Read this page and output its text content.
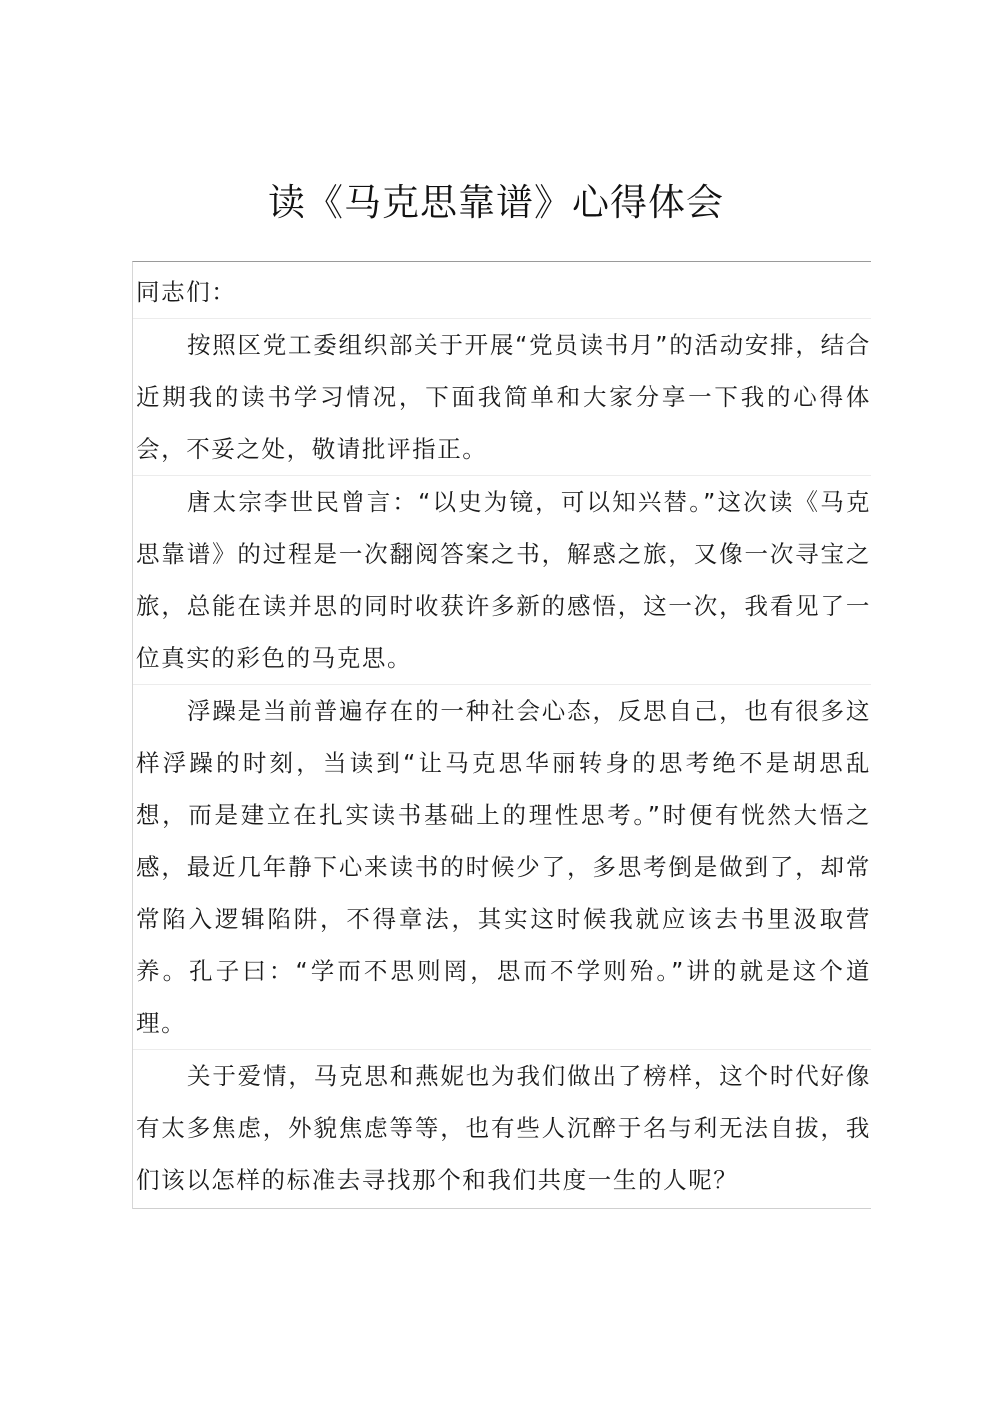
读《马克思靠谱》心得体会

同志们：

按照区党工委组织部关于开展“党员读书月”的活动安排，结合近期我的读书学习情况，下面我简单和大家分享一下我的心得体会，不妥之处，敬请批评指正。

唐太宗李世民曾言：“以史为镜，可以知兴替。”这次读《马克思靠谱》的过程是一次翻阅答案之书，解惑之旅，又像一次寻宝之旅，总能在读并思的同时收获许多新的感悟，这一次，我看见了一位真实的彩色的马克思。

浮躁是当前普遍存在的一种社会心态，反思自己，也有很多这样浮躁的时刻，当读到“让马克思华丽转身的思考绝不是胡思乱想，而是建立在扎实读书基础上的理性思考。”时便有恍然大悟之感，最近几年静下心来读书的时候少了，多思考倒是做到了，却常常陷入逻辑陷阱，不得章法，其实这时候我就应该去书里汲取营养。孔子曰：“学而不思则罔，思而不学则殆。”讲的就是这个道理。

关于爱情，马克思和燕妮也为我们做出了榜样，这个时代好像有太多焦虑，外貌焦虑等等，也有些人沉醉于名与利无法自拔，我们该以怎样的标准去寻找那个和我们共度一生的人呢？
